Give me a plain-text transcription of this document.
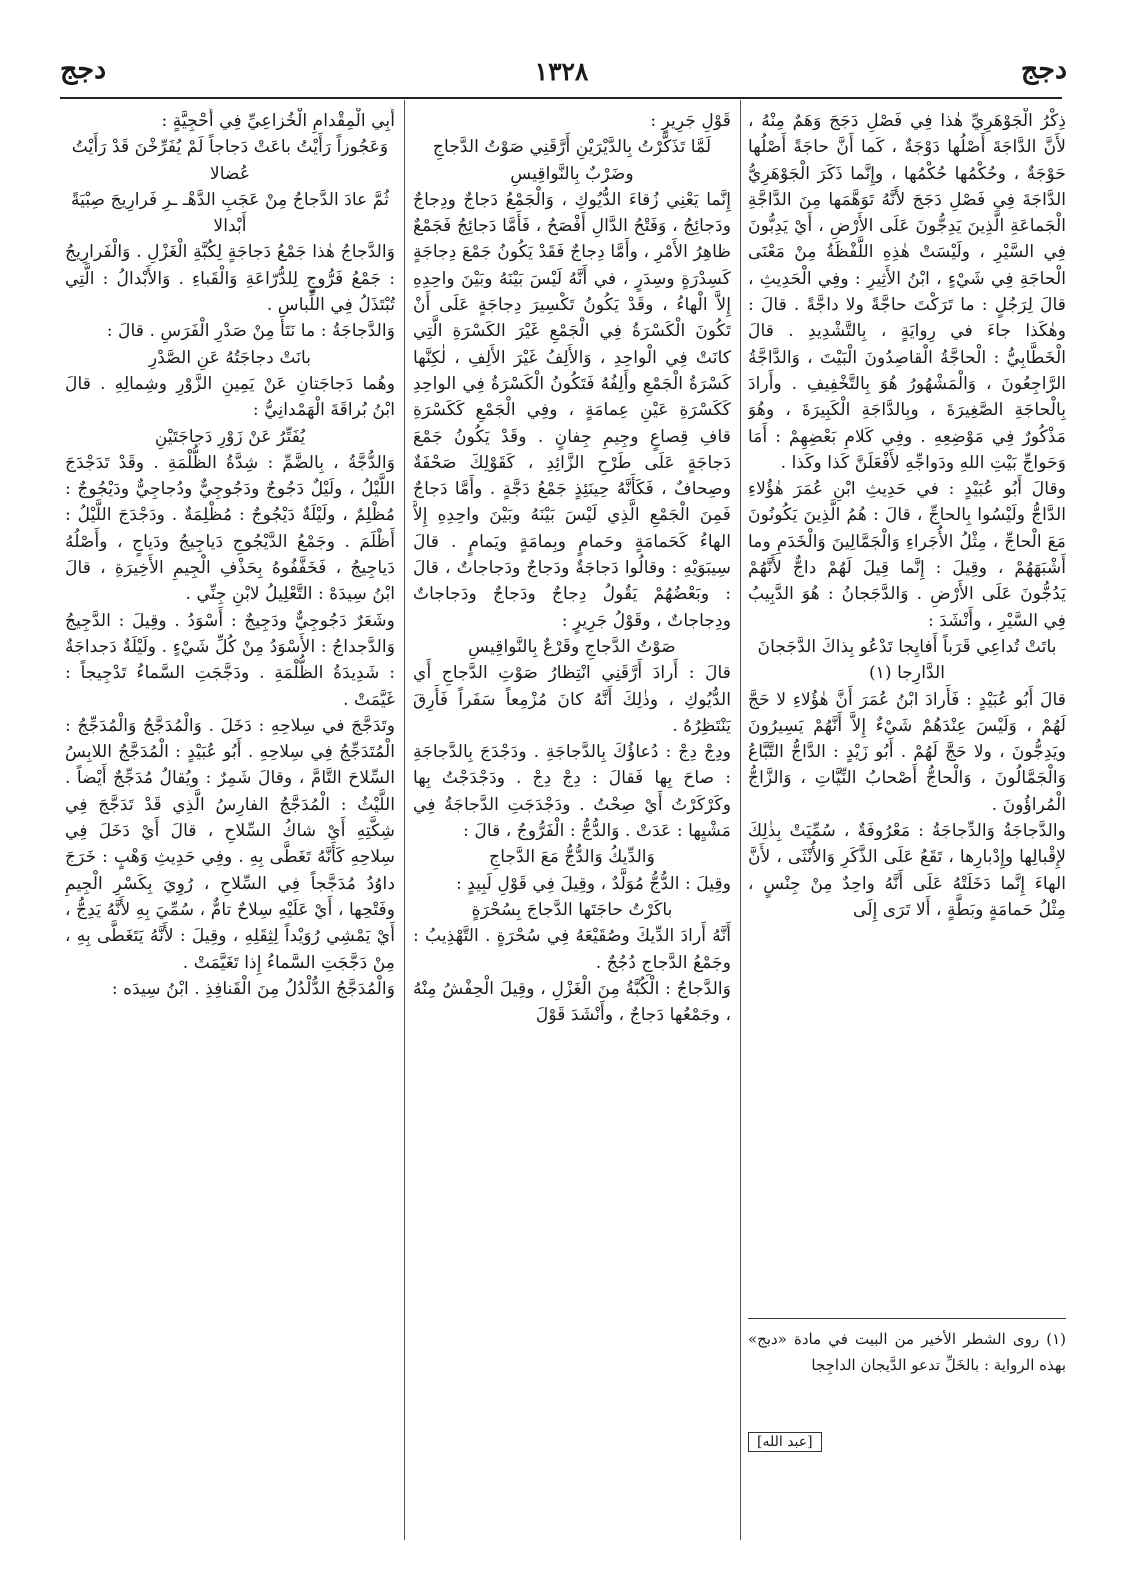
دجج
١٣٢٨
دجج

ذِكْرُ الْجَوْهَرِيِّ هٰذا فِي فَصْلِ دَجَجَ وَهَمٌ مِنْهُ ، لأَنَّ الدَّاجَةَ أَصْلُها دَوْجَةٌ ، كَما أَنَّ حاجَةً أَصْلُها حَوْجَةٌ ، وحُكْمُها حُكْمُها ، وإِنَّما ذَكَرَ الْجَوْهَرِيُّ الدَّاجَةَ فِي فَصْلِ دَجَجَ لأَنَّهُ تَوَهَّمَها مِنَ الدَّاجَّةِ الْجَماعَةِ الَّذِينَ يَدِجُّونَ عَلَى الأَرْضِ ، أَيْ يَدِبُّونَ فِي السَّيْرِ ، ولَيْسَتْ هٰذِهِ اللَّفْظَةُ مِنْ مَعْنَى الْحاجَةِ فِي شَيْءٍ ، ابْنُ الأَثِيرِ : وفِي الْحَدِيثِ ، قالَ لِرَجُلٍ : ما تَرَكْتَ حاجَّةً ولا داجَّةً . قالَ : وهٰكَذا جاءَ في رِوايَةٍ ، بِالتَّشْدِيدِ . قالَ الْخَطَّابِيُّ : الْحاجَّةُ الْقاصِدُونَ الْبَيْتَ ، وَالدَّاجَّةُ الرَّاجِعُونَ ، وَالْمَشْهُورُ هُوَ بِالتَّخْفِيفِ . وأَرادَ بِالْحاجَةِ الصَّغِيرَةَ ، وبِالدَّاجَةِ الْكَبِيرَةَ ، وهُوَ مَذْكُورٌ فِي مَوْضِعِهِ . وفِي كَلامِ بَعْضِهِمْ : أَمَا وَحَواجِّ بَيْتِ اللهِ ودَواجِّهِ لأَفْعَلَنَّ كَذا وكَذا .

وقالَ أَبُو عُبَيْدٍ : في حَدِيثِ ابْنِ عُمَرَ هٰؤُلاءِ الدَّاجُّ ولَيْسُوا بِالحاجِّ ، قالَ : هُمُ الَّذِينَ يَكُونُونَ مَعَ الْحاجِّ ، مِثْلُ الأُجَراءِ وَالْجَمَّالِينَ وَالْخَدَمِ وما أَشْبَهَهُمْ ، وقِيلَ : إِنَّما قِيلَ لَهُمْ داجٌّ لأَنَّهُمْ يَدُجُّونَ عَلَى الأَرْضِ . وَالدَّجَجانُ : هُوَ الدَّبِيبُ فِي السَّيْرِ ، وأَنْشَدَ :

باتَتْ تُداعِي قَرَباً أَفايِجا تَدْعُو بِذاكَ الدَّجَجانَ الدَّارِجا (١)

قالَ أَبُو عُبَيْدٍ : فَأَرادَ ابْنُ عُمَرَ أَنَّ هٰؤُلاءِ لا حَجَّ لَهُمْ ، وَلَيْسَ عِنْدَهُمْ شَيْءٌ إِلاَّ أَنَّهُمْ يَسِيرُونَ ويَدِجُّونَ ، ولا حَجَّ لَهُمْ . أَبُو زَيْدٍ : الدَّاجُّ التَّبَّاعُ وَالْجَمَّالُونَ ، وَالْحاجُّ أَصْحابُ النِّيَّاتِ ، وَالزَّاجُّ الْمُراؤُونَ .

والدَّجاجَةُ وَالدِّجاجَةُ : مَعْرُوفَةٌ ، سُمِّيَتْ بِذٰلِكَ لإِقْبالِها وإِدْبارِها ، تَقَعُ عَلَى الذَّكَرِ وَالأُنْثَى ، لأَنَّ الهاءَ إِنَّما دَخَلَتْهُ عَلَى أَنَّهُ واحِدٌ مِنْ جِنْسٍ ، مِثْلُ حَمامَةٍ وبَطَّةٍ ، أَلا تَرَى إِلَى

قَوْلِ جَرِيرٍ :

لَمَّا تَذَكَّرْتُ بِالدَّيْرَيْنِ أَرَّقَنِي صَوْتُ الدَّجاجِ وضَرْبٌ بِالنَّواقِيسِ

إِنَّما يَعْنِي زُقاءَ الدُّيُوكِ ، وَالْجَمْعُ دَجاجٌ ودِجاجٌ ودَجائِجُ ، وَفَتْحُ الدَّالِ أَفْصَحُ ، فَأَمَّا دَجائِجُ فَجَمْعٌ ظاهِرُ الأَمْرِ ، وأَمَّا دِجاجٌ فَقَدْ يَكُونُ جَمْعَ دِجاجَةٍ كَسِدْرَةٍ وسِدَرٍ ، في أَنَّهُ لَيْسَ بَيْنَهُ وبَيْنَ واحِدِهِ إِلاَّ الْهاءُ ، وقَدْ يَكُونُ تَكْسِيرَ دِجاجَةٍ عَلَى أَنْ تَكُونَ الْكَسْرَةُ فِي الْجَمْعِ غَيْرَ الكَسْرَةِ الَّتِي كانَتْ فِي الْواحِدِ ، وَالأَلِفُ غَيْرَ الأَلِفِ ، لٰكِنَّها كَسْرَةُ الْجَمْعِ وأَلِفُهُ فَتَكُونُ الْكَسْرَةُ فِي الواحِدِ كَكَسْرَةِ عَيْنِ عِمامَةٍ ، وفِي الْجَمْعِ كَكَسْرَةِ قافِ قِصاعٍ وجِيمِ جِفانٍ . وقَدْ يَكُونُ جَمْعَ دَجاجَةٍ عَلَى طَرْحِ الزَّائِدِ ، كَقَوْلِكَ صَحْفَةٌ وصِحافٌ ، فَكَأَنَّهُ حِينَئِذٍ جَمْعُ دَجَّةٍ . وأَمَّا دَجاجٌ فَمِنَ الْجَمْعِ الَّذِي لَيْسَ بَيْنَهُ وبَيْنَ واحِدِهِ إِلاَّ الهاءُ كَحَمامَةٍ وحَمامٍ وبِمامَةٍ ويَمامٍ . قالَ سِيبَوَيْهِ : وقالُوا دَجاجَةٌ ودَجاجٌ ودَجاجاتٌ ، قالَ : وبَعْضُهُمْ يَقُولُ دِجاجٌ ودَجاجٌ ودَجاجاتٌ ودِجاجاتٌ ، وقَوْلُ جَرِيرٍ :

صَوْتُ الدَّجاجِ وقَرْعٌ بِالنَّواقِيسِ

قالَ : أَرادَ أَرَّقَنِي انْتِظارُ صَوْتِ الدَّجاجِ أَي الدُّيُوكِ ، وذٰلِكَ أَنَّهُ كانَ مُزْمِعاً سَفَراً فَأَرِقَ يَنْتَظِرُهُ .

ودِجْ دِجْ : دُعاؤُكَ بِالدَّجاجَةِ . ودَجْدَجَ بِالدَّجاجَةِ : صاحَ بِها فَقالَ : دِجْ دِجْ . ودَجْدَجْتُ بِها وكَرْكَرْتُ أَيْ صِحْتُ . ودَجْدَجَتِ الدَّجاجَةُ فِي مَشْيِها : عَدَتْ . وَالدُّجُّ : الْفَرُّوجُ ، قالَ :

وَالدِّيكُ وَالدُّجُّ مَعَ الدَّجاجِ

وقِيلَ : الدُّجُّ مُوَلَّدٌ ، وقِيلَ فِي قَوْلِ لَبِيدٍ :

باكَرْتُ حاجَتَها الدَّجاجَ بِسُحْرَةٍ

أَنَّهُ أَرادَ الدِّيكَ وصُقَيْعَهُ فِي سُحْرَةٍ . التَّهْذِيبُ : وجَمْعُ الدَّجاجِ دُجُجٌ .

وَالدَّجاجُ : الْكُبَّةُ مِنَ الْغَزْلِ ، وقِيلَ الْحِفْشُ مِنْهُ ، وجَمْعُها دَجاجٌ ، وأَنْشَدَ قَوْلَ

أَبِي الْمِقْدامِ الْخُزاعِيِّ فِي أُحْجِيَّةٍ :

وَعَجُوزاً رَأَيْتُ باعَتْ دَجاجاً لَمْ يُفَرِّخْنَ قَدْ رَأَيْتُ عُضالا

ثُمَّ عادَ الدَّجاجُ مِنْ عَجَبِ الدَّهْـ ـرِ فَرارِيجَ صِبْيَةً أَبْدالا

وَالدَّجاجُ هٰذا جَمْعُ دَجاجَةٍ لِكُبَّةِ الْغَزْلِ . وَالْفَرارِيجُ : جَمْعُ فَرُّوجٍ لِلدُّرّاعَةِ وَالْقَباءِ . وَالأَبْدالُ : الَّتِي تُبْتَذَلُ فِي اللِّباسِ .

وَالدَّجاجَةُ : ما نَتَأَ مِنْ صَدْرِ الْفَرَسِ . قالَ :

بانَتْ دجاجَتُهُ عَنِ الصَّدْرِ

وهُما دَجاجَتانِ عَنْ يَمِينِ الزَّوْرِ وشِمالِهِ . قالَ ابْنُ بُراقَةَ الْهَمْدانِيُّ :

يُفَتِّرُ عَنْ زَوْرِ دَجاجَتَيْنِ

وَالدُّجَّةُ ، بِالضَّمِّ : شِدَّةُ الظُّلْمَةِ . وقَدْ تَدَجْدَجَ اللَّيْلُ ، ولَيْلٌ دَجُوجٌ ودَجُوجِيٌّ ودُجاجِيٌّ ودَيْجُوجٌ : مُظْلِمٌ ، ولَيْلَةٌ دَيْجُوجٌ : مُظْلِمَةٌ . ودَجْدَجَ اللَّيْلُ : أَظْلَمَ . وجَمْعُ الدَّيْجُوجِ دَياجِيجُ ودَياجٍ ، وأَصْلُهُ دَياجِيجُ ، فَخَفَّفُوهُ بِحَذْفِ الْجِيمِ الأَخِيرَةِ ، قالَ ابْنُ سِيدَهْ : التَّعْلِيلُ لابْنِ جِنِّي .

وشَعَرٌ دَجُوجِيٌّ ودَجِيجٌ : أَسْوَدُ . وقِيلَ : الدَّجِيجُ وَالدَّجداجُ : الأَسْوَدُ مِنْ كُلِّ شَيْءٍ . ولَيْلَةٌ دَجداجَةٌ : شَدِيدَةُ الظُّلْمَةِ . ودَجَّجَتِ السَّماءُ تَدْجِيجاً : غَيَّمَتْ .

وتَدَجَّجَ في سِلاحِهِ : دَخَلَ . وَالْمُدَجَّجُ وَالْمُدَجِّجُ : الْمُتَدَجِّجُ فِي سِلاحِهِ . أَبُو عُبَيْدٍ : الْمُدَجَّجُ اللابِسُ السِّلاحَ التَّامَّ ، وقالَ شَمِرٌ : ويُقالُ مُدَجِّجٌ أَيْضاً . اللَّيْثُ : الْمُدَجَّجُ الفارِسُ الَّذِي قَدْ تَدَجَّجَ فِي شِكَّتِهِ أَيْ شاكُ السِّلاحِ ، قالَ أَيْ دَخَلَ فِي سِلاحِهِ كَأَنَّهُ تَغَطَّى بِهِ . وفِي حَدِيثِ وَهْبٍ : خَرَجَ داوُدُ مُدَجَّجاً فِي السِّلاحِ ، رُوِيَ بِكَسْرِ الْجِيمِ وفَتْحِها ، أَيْ عَلَيْهِ سِلاحٌ تامٌّ ، سُمِّيَ بِهِ لأَنَّهُ يَدِجُّ ، أَيْ يَمْشِي رُوَيْداً لِثِقَلِهِ ، وقِيلَ : لأَنَّهُ يَتَغَطَّى بِهِ ، مِنْ دَجَّجَتِ السَّماءُ إِذا تَغَيَّمَتْ .

وَالْمُدَجَّجُ الدُّلْدُلُ مِنَ الْقَنافِذِ . ابْنُ سِيدَه :

(١) روى الشطر الأخير من البيت في مادة «دبج» بهذه الرواية : بالخَلِّ تدعو الدَّيجان الداجِجا

[عبد الله]
